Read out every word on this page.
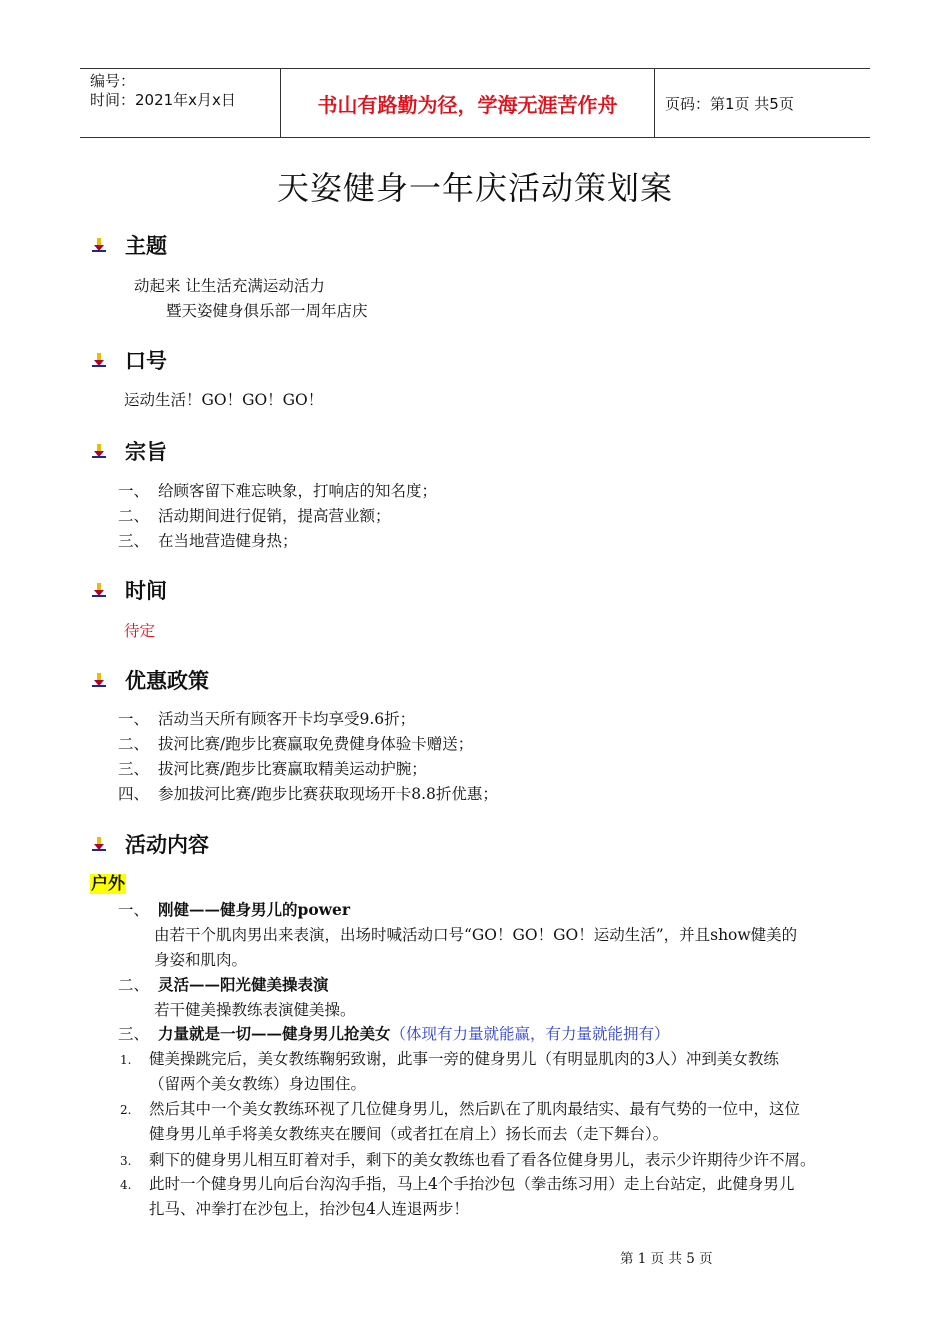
编号：
时间：2021年x月x日	书山有路勤为径，学海无涯苦作舟	页码：第1页 共5页
天姿健身一年庆活动策划案
主题
动起来 让生活充满运动活力
暨天姿健身俱乐部一周年店庆
口号
运动生活！GO！GO！GO！
宗旨
一、 给顾客留下难忘映象，打响店的知名度；
二、 活动期间进行促销，提高营业额；
三、 在当地营造健身热；
时间
待定
优惠政策
一、 活动当天所有顾客开卡均享受9.6折；
二、 拔河比赛/跑步比赛赢取免费健身体验卡赠送；
三、 拔河比赛/跑步比赛赢取精美运动护腕；
四、 参加拔河比赛/跑步比赛获取现场开卡8.8折优惠；
活动内容
户外
一、 刚健——健身男儿的power
由若干个肌肉男出来表演，出场时喊活动口号“GO！GO！GO！运动生活”，并且show健美的
身姿和肌肉。
二、 灵活——阳光健美操表演
若干健美操教练表演健美操。
三、 力量就是一切——健身男儿抢美女（体现有力量就能赢，有力量就能拥有）
1. 健美操跳完后，美女教练鞠躬致谢，此事一旁的健身男儿（有明显肌肉的3人）冲到美女教练
（留两个美女教练）身边围住。
2. 然后其中一个美女教练环视了几位健身男儿，然后趴在了肌肉最结实、最有气势的一位中，这位
健身男儿单手将美女教练夹在腰间（或者扛在肩上）扬长而去（走下舞台）。
3. 剩下的健身男儿相互盯着对手，剩下的美女教练也看了看各位健身男儿，表示少许期待少许不屑。
4. 此时一个健身男儿向后台沟沟手指，马上4个手抬沙包（拳击练习用）走上台站定，此健身男儿
扎马、冲拳打在沙包上，抬沙包4人连退两步！
第 1 页 共 5 页
